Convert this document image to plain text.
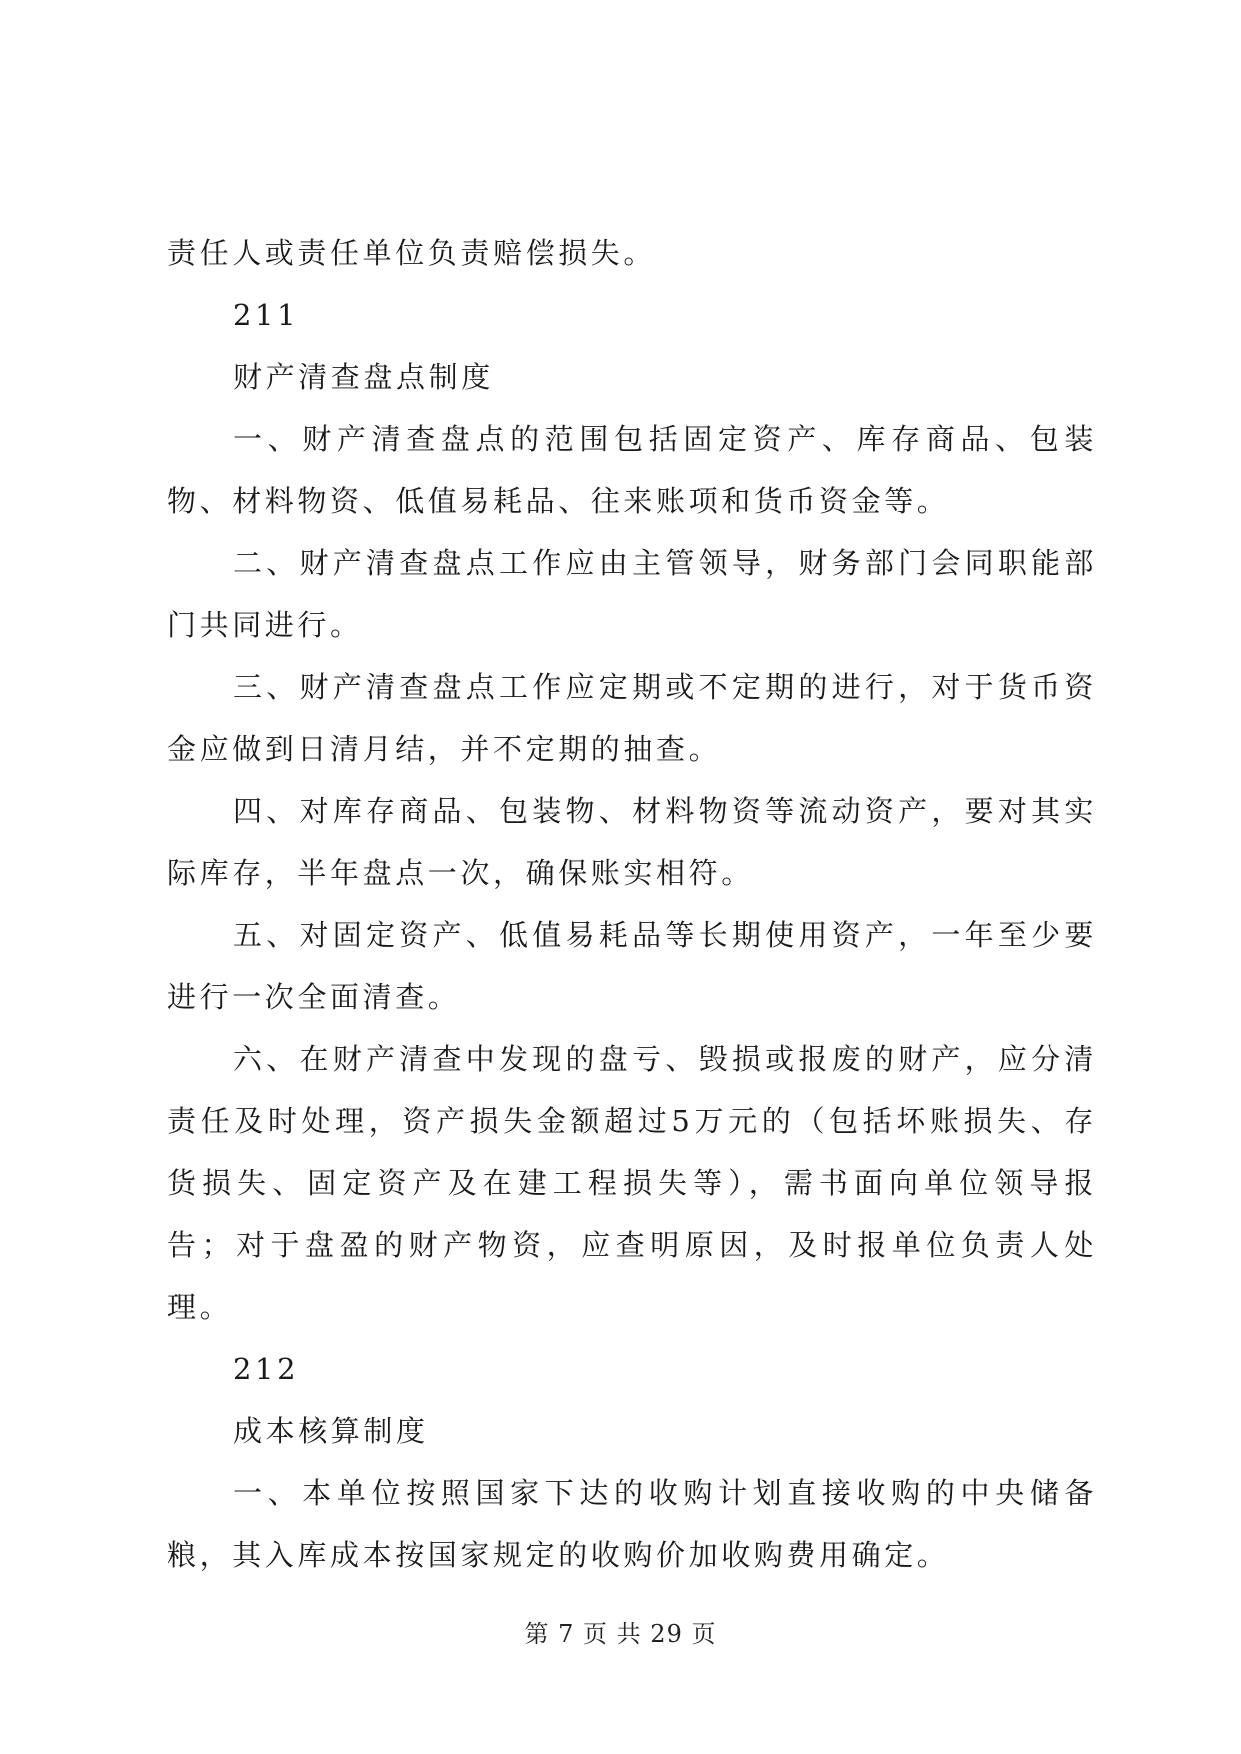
责任人或责任单位负责赔偿损失。

211

财产清查盘点制度

一、财产清查盘点的范围包括固定资产、库存商品、包装物、材料物资、低值易耗品、往来账项和货币资金等。

二、财产清查盘点工作应由主管领导，财务部门会同职能部门共同进行。

三、财产清查盘点工作应定期或不定期的进行，对于货币资金应做到日清月结，并不定期的抽查。

四、对库存商品、包装物、材料物资等流动资产，要对其实际库存，半年盘点一次，确保账实相符。

五、对固定资产、低值易耗品等长期使用资产，一年至少要进行一次全面清查。

六、在财产清查中发现的盘亏、毁损或报废的财产，应分清责任及时处理，资产损失金额超过5万元的（包括坏账损失、存货损失、固定资产及在建工程损失等），需书面向单位领导报告；对于盘盈的财产物资，应查明原因，及时报单位负责人处理。

212

成本核算制度

一、本单位按照国家下达的收购计划直接收购的中央储备粮，其入库成本按国家规定的收购价加收购费用确定。

第 7 页 共 29 页
